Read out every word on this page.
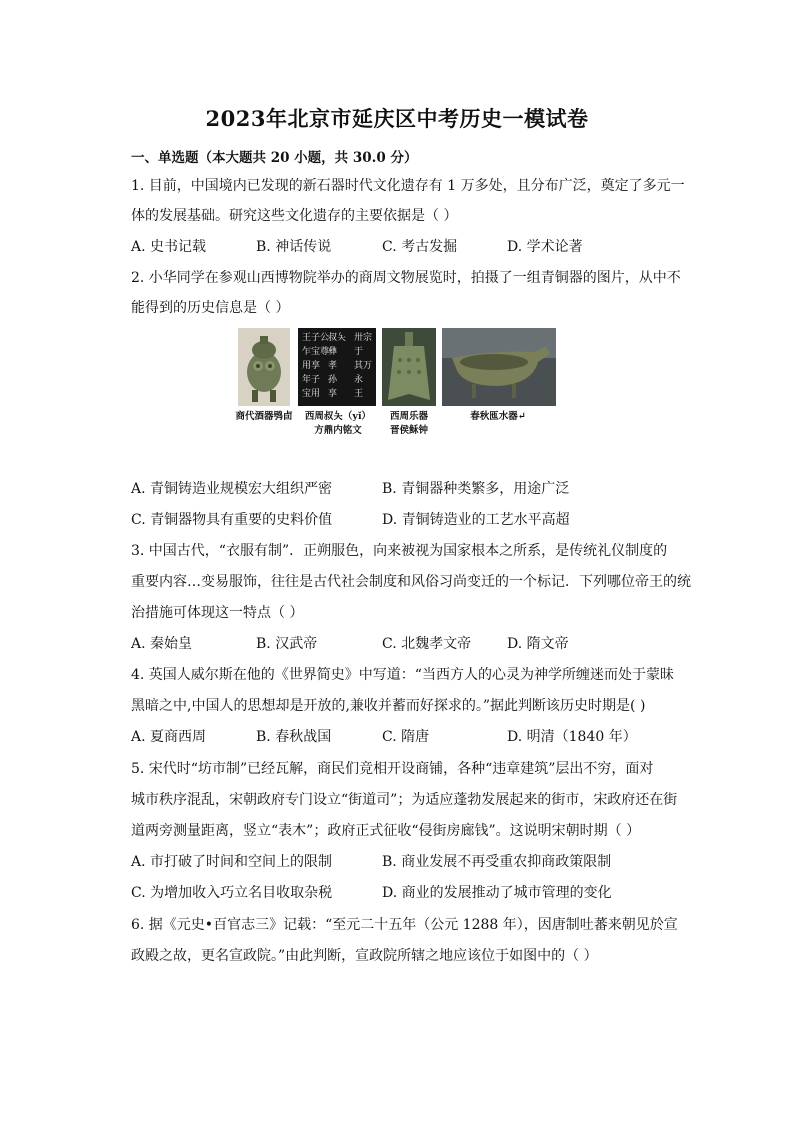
2023年北京市延庆区中考历史一模试卷
一、单选题（本大题共 20 小题，共 30.0 分）
1. 目前，中国境内已发现的新石器时代文化遗存有 1 万多处，且分布广泛，奠定了多元一
体的发展基础。研究这些文化遗存的主要依据是（ ）
A. 史书记载	B. 神话传说	C. 考古发掘	D. 学术论著
2. 小华同学在参观山西博物院举办的商周文物展览时，拍摄了一组青铜器的图片，从中不
能得到的历史信息是（ ）
王子公
叔夨 卅宗
乍宝尊
彝 于
用享 孝 其万
年子 孙 永
宝用 享 王
商代酒器鸮卣	西周叔夨（yǐ）
方鼎内铭文
西周乐器
晋侯稣钟
春秋匜水器↵
A. 青铜铸造业规模宏大组织严密	B. 青铜器种类繁多，用途广泛
C. 青铜器物具有重要的史料价值	D. 青铜铸造业的工艺水平高超
3. 中国古代，“衣服有制”．正朔服色，向来被视为国家根本之所系，是传统礼仪制度的
重要内容…变易服饰，往往是古代社会制度和风俗习尚变迁的一个标记．下列哪位帝王的统
治措施可体现这一特点（ ）
A. 秦始皇	B. 汉武帝	C. 北魏孝文帝	D. 隋文帝
4. 英国人威尔斯在他的《世界简史》中写道：“当西方人的心灵为神学所缠迷而处于蒙昧
黑暗之中,中国人的思想却是开放的,兼收并蓄而好探求的。”据此判断该历史时期是( )
A. 夏商西周	B. 春秋战国	C. 隋唐	D. 明清（1840 年）
5. 宋代时“坊市制”已经瓦解，商民们竞相开设商铺，各种“违章建筑”层出不穷，面对
城市秩序混乱，宋朝政府专门设立“街道司”；为适应蓬勃发展起来的街市，宋政府还在街
道两旁测量距离，竖立“表木”；政府正式征收“侵街房廊钱”。这说明宋朝时期（ ）
A. 市打破了时间和空间上的限制	B. 商业发展不再受重农抑商政策限制
C. 为增加收入巧立名目收取杂税	D. 商业的发展推动了城市管理的变化
6. 据《元史•百官志三》记载：“至元二十五年（公元 1288 年），因唐制吐蕃来朝见於宣
政殿之故，更名宣政院。”由此判断，宣政院所辖之地应该位于如图中的（ ）
